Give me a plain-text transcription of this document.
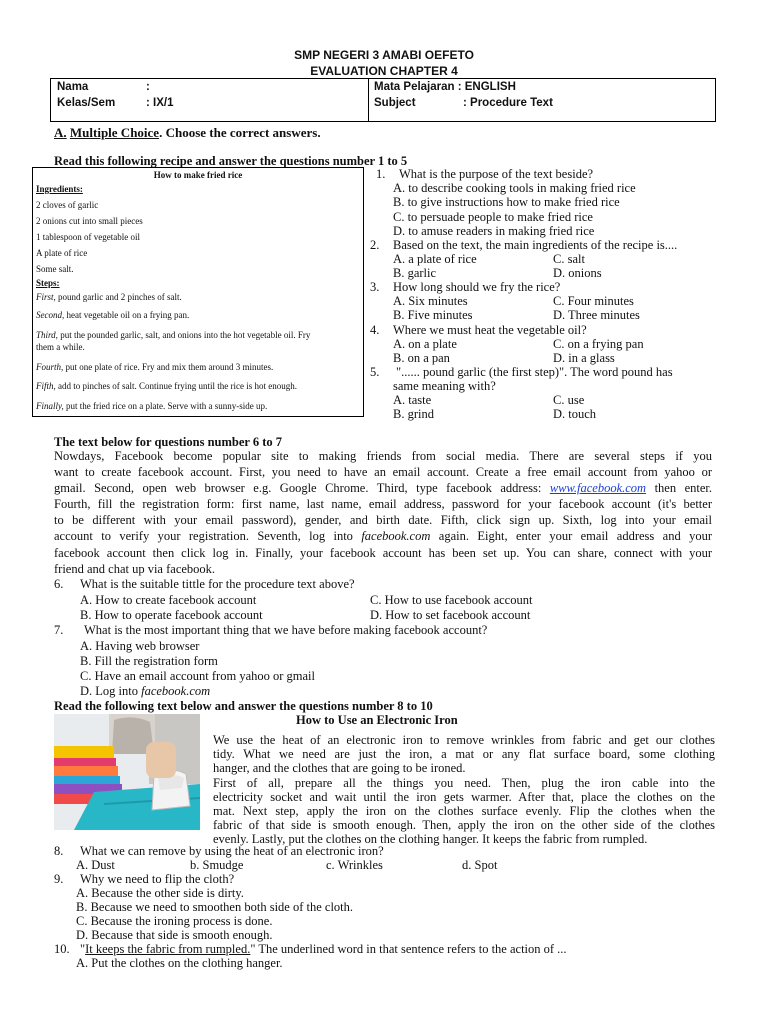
SMP NEGERI 3 AMABI OEFETO
EVALUATION CHAPTER 4
Nama	:
Kelas/Sem	: IX/1
Mata Pelajaran : ENGLISH
Subject	: Procedure Text
A. Multiple Choice. Choose the correct answers.
Read this following recipe and answer the questions number 1 to 5
How to make fried rice
Ingredients:
2 cloves of garlic
2 onions cut into small pieces
1 tablespoon of vegetable oil
A plate of rice
Some salt.
Steps:
First, pound garlic and 2 pinches of salt.
Second, heat vegetable oil on a frying pan.
Third, put the pounded garlic, salt, and onions into the hot vegetable oil. Fry
them a while.
Fourth, put one plate of rice. Fry and mix them around 3 minutes.
Fifth, add to pinches of salt. Continue frying until the rice is hot enough.
Finally, put the fried rice on a plate. Serve with a sunny-side up.
1. What is the purpose of the text beside?
A. to describe cooking tools in making fried rice
B. to give instructions how to make fried rice
C. to persuade people to make fried rice
D. to amuse readers in making fried rice
2. Based on the text, the main ingredients of the recipe is....
A. a plate of rice	C. salt
B. garlic	D. onions
3. How long should we fry the rice?
A. Six minutes	C. Four minutes
B. Five minutes	D. Three minutes
4. Where we must heat the vegetable oil?
A. on a plate	C. on a frying pan
B. on a pan	D. in a glass
5. "...... pound garlic (the first step)". The word pound has
same meaning with?
A. taste	C. use
B. grind	D. touch
The text below for questions number 6 to 7
Nowdays, Facebook become popular site to making friends from social media. There are several steps if you
want to create facebook account. First, you need to have an email account. Create a free email account from yahoo or
gmail. Second, open web browser e.g. Google Chrome. Third, type facebook address: www.facebook.com then enter.
Fourth, fill the registration form: first name, last name, email address, password for your facebook account (it's better
to be different with your email password), gender, and birth date. Fifth, click sign up. Sixth, log into your email
account to verify your registration. Seventh, log into facebook.com again. Eight, enter your email address and your
facebook account then click log in. Finally, your facebook account has been set up. You can share, connect with your
friend and chat up via facebook.
6. What is the suitable tittle for the procedure text above?
A. How to create facebook account	C. How to use facebook account
B. How to operate facebook account	D. How to set facebook account
7. What is the most important thing that we have before making facebook account?
A. Having web browser
B. Fill the registration form
C. Have an email account from yahoo or gmail
D. Log into facebook.com
Read the following text below and answer the questions number 8 to 10
How to Use an Electronic Iron
We use the heat of an electronic iron to remove wrinkles from fabric and get our clothes
tidy. What we need are just the iron, a mat or any flat surface board, some clothing
hanger, and the clothes that are going to be ironed.
First of all, prepare all the things you need. Then, plug the iron cable into the
electricity socket and wait until the iron gets warmer. After that, place the clothes on the
mat. Next step, apply the iron on the clothes surface evenly. Flip the clothes when the
fabric of that side is smooth enough. Then, apply the iron on the other side of the clothes
evenly. Lastly, put the clothes on the clothing hanger. It keeps the fabric from rumpled.
8. What we can remove by using the heat of an electronic iron?
A. Dust	b. Smudge	c. Wrinkles	d. Spot
9. Why we need to flip the cloth?
A. Because the other side is dirty.
B. Because we need to smoothen both side of the cloth.
C. Because the ironing process is done.
D. Because that side is smooth enough.
10. "It keeps the fabric from rumpled." The underlined word in that sentence refers to the action of ...
A. Put the clothes on the clothing hanger.
